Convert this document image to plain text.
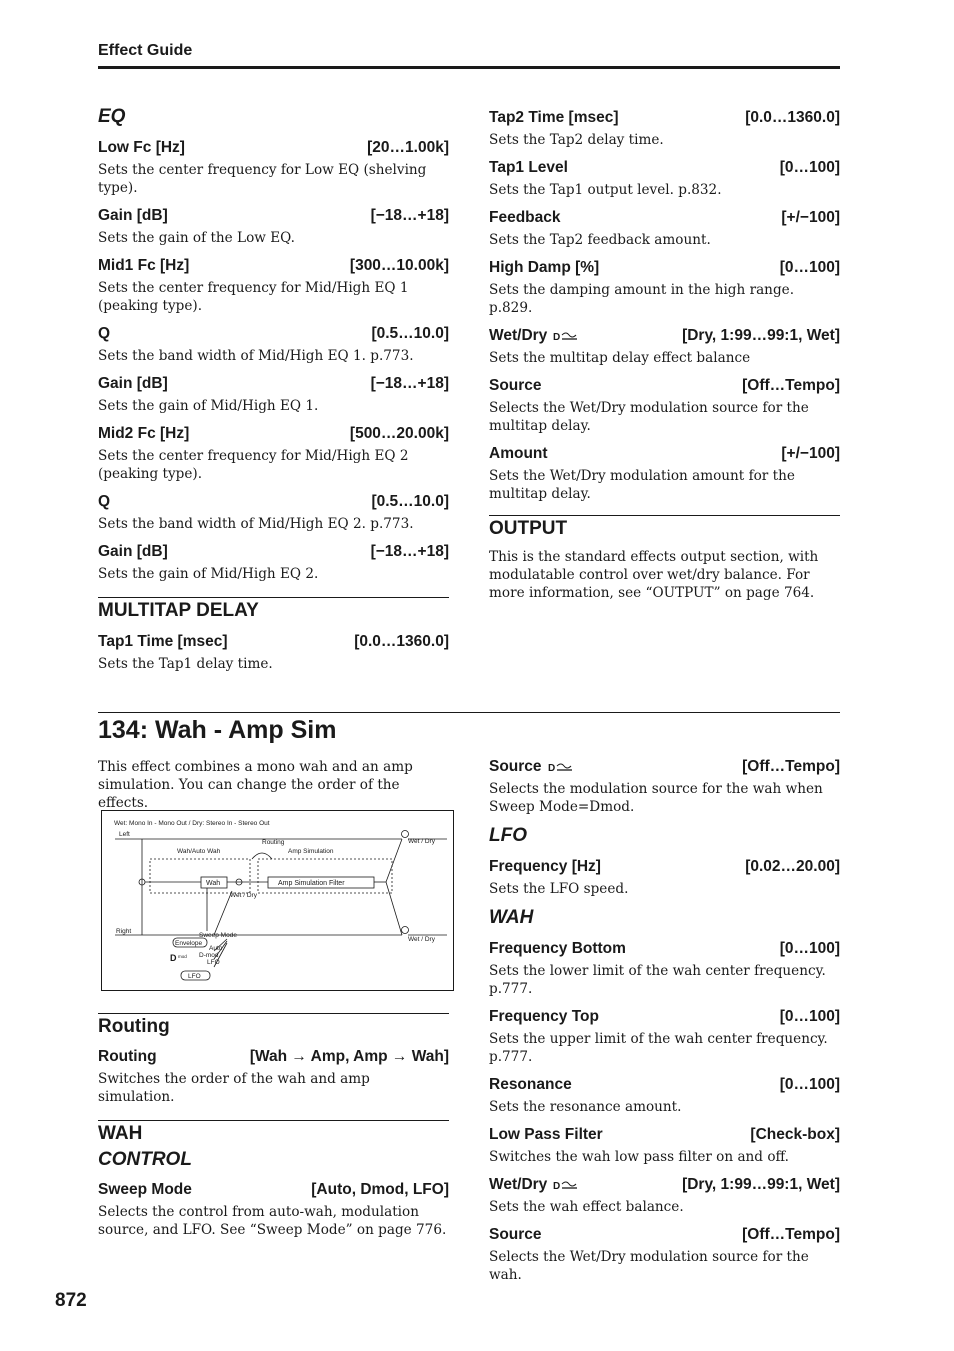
Effect Guide
EQ
Low Fc [Hz]	[20…1.00k]
Sets the center frequency for Low EQ (shelving type).
Gain [dB]	[−18…+18]
Sets the gain of the Low EQ.
Mid1 Fc [Hz]	[300…10.00k]
Sets the center frequency for Mid/High EQ 1 (peaking type).
Q	[0.5…10.0]
Sets the band width of Mid/High EQ 1. p.773.
Gain [dB]	[−18…+18]
Sets the gain of Mid/High EQ 1.
Mid2 Fc [Hz]	[500…20.00k]
Sets the center frequency for Mid/High EQ 2 (peaking type).
Q	[0.5…10.0]
Sets the band width of Mid/High EQ 2. p.773.
Gain [dB]	[−18…+18]
Sets the gain of Mid/High EQ 2.
MULTITAP DELAY
Tap1 Time [msec]	[0.0…1360.0]
Sets the Tap1 delay time.
Tap2 Time [msec]	[0.0…1360.0]
Sets the Tap2 delay time.
Tap1 Level	[0…100]
Sets the Tap1 output level. p.832.
Feedback	[+/−100]
Sets the Tap2 feedback amount.
High Damp [%]	[0…100]
Sets the damping amount in the high range. p.829.
Wet/Dry D	[Dry, 1:99…99:1, Wet]
Sets the multitap delay effect balance
Source	[Off…Tempo]
Selects the Wet/Dry modulation source for the multitap delay.
Amount	[+/−100]
Sets the Wet/Dry modulation amount for the multitap delay.
OUTPUT
This is the standard effects output section, with modulatable control over wet/dry balance. For more information, see “OUTPUT” on page 764.
134: Wah - Amp Sim
This effect combines a mono wah and an amp simulation. You can change the order of the effects.
Wet: Mono In - Mono Out / Dry: Stereo In - Stereo Out
Left
Right
Wet / Dry
Wet / Dry
Wet / Dry
Routing
Wah/Auto Wah	Amp Simulation
Sweep Mode
Auto
D-mod
LFO
Envelope
LFO
Wah	Amp Simulation Filter
D mod
Routing
Routing	[Wah → Amp, Amp → Wah]
Switches the order of the wah and amp simulation.
WAH
CONTROL
Sweep Mode	[Auto, Dmod, LFO]
Selects the control from auto-wah, modulation source, and LFO. See “Sweep Mode” on page 776.
Source D	[Off…Tempo]
Selects the modulation source for the wah when Sweep Mode=Dmod.
LFO
Frequency [Hz]	[0.02…20.00]
Sets the LFO speed.
WAH
Frequency Bottom	[0…100]
Sets the lower limit of the wah center frequency. p.777.
Frequency Top	[0…100]
Sets the upper limit of the wah center frequency. p.777.
Resonance	[0…100]
Sets the resonance amount.
Low Pass Filter	[Check-box]
Switches the wah low pass filter on and off.
Wet/Dry D	[Dry, 1:99…99:1, Wet]
Sets the wah effect balance.
Source	[Off…Tempo]
Selects the Wet/Dry modulation source for the wah.
872
